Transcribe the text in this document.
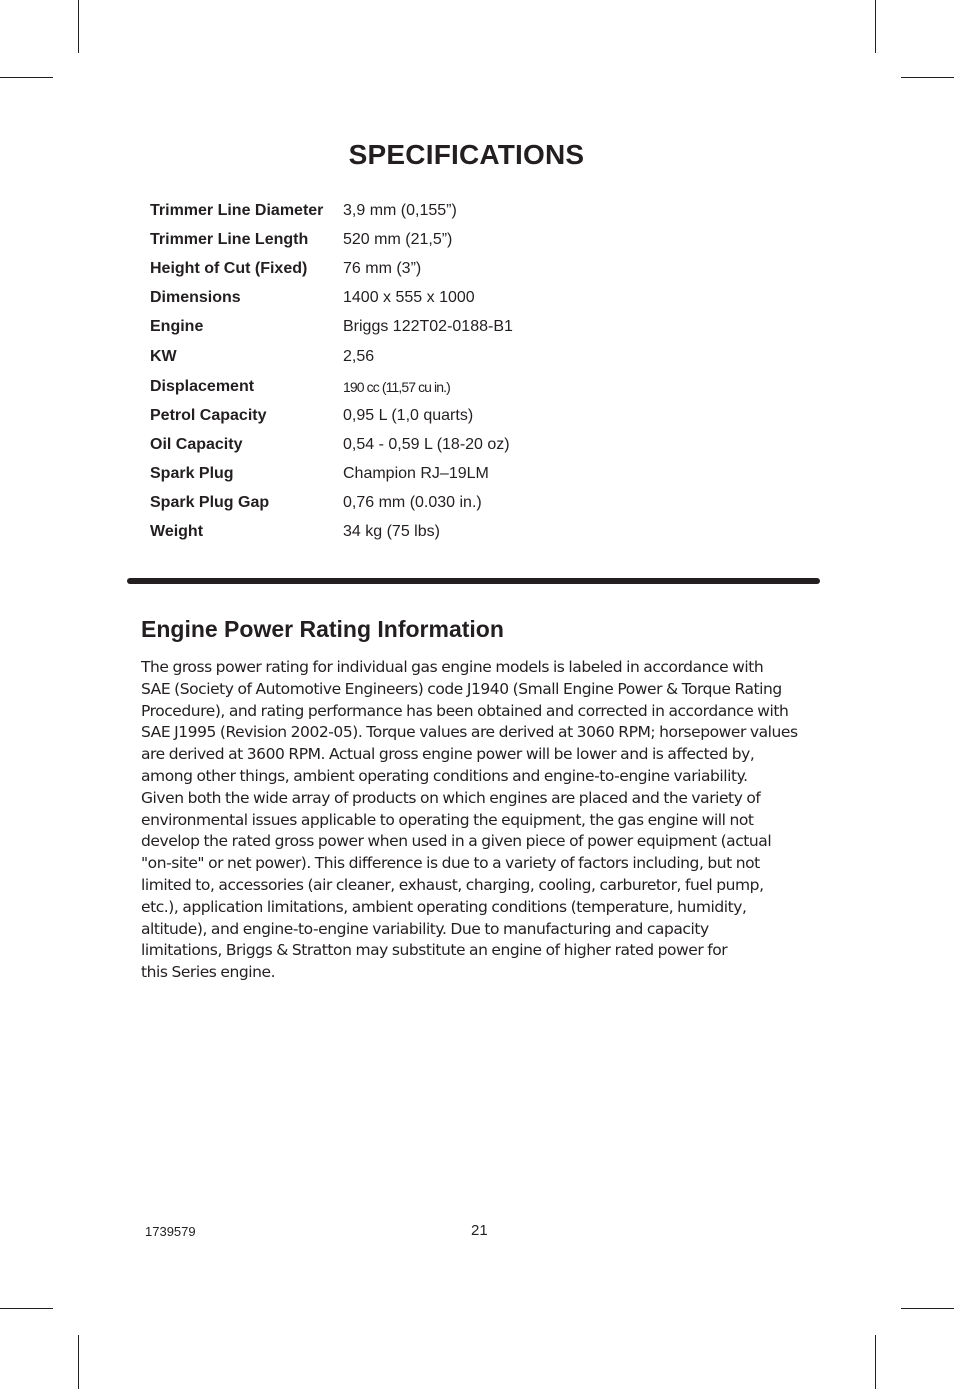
SPECIFICATIONS
Trimmer Line Diameter 3,9 mm (0,155”)
Trimmer Line Length 520 mm (21,5”)
Height of Cut (Fixed) 76 mm (3”)
Dimensions	1400 x 555 x 1000
Engine	Briggs 122T02-0188-B1
KW	2,56
Displacement	190 cc (11,57 cu in.)
Petrol Capacity	0,95 L (1,0 quarts)
Oil Capacity	0,54 - 0,59 L (18-20 oz)
Spark Plug	Champion RJ–19LM
Spark Plug Gap	0,76 mm (0.030 in.)
Weight	34 kg (75 lbs)
Engine Power Rating Information
The gross power rating for individual gas engine models is labeled in accordance with
SAE (Society of Automotive Engineers) code J1940 (Small Engine Power & Torque Rating
Procedure), and rating performance has been obtained and corrected in accordance with
SAE J1995 (Revision 2002-05). Torque values are derived at 3060 RPM; horsepower values
are derived at 3600 RPM. Actual gross engine power will be lower and is affected by,
among other things, ambient operating conditions and engine-to-engine variability.
Given both the wide array of products on which engines are placed and the variety of
environmental issues applicable to operating the equipment, the gas engine will not
develop the rated gross power when used in a given piece of power equipment (actual
"on-site" or net power). This difference is due to a variety of factors including, but not
limited to, accessories (air cleaner, exhaust, charging, cooling, carburetor, fuel pump,
etc.), application limitations, ambient operating conditions (temperature, humidity,
altitude), and engine-to-engine variability. Due to manufacturing and capacity
limitations, Briggs & Stratton may substitute an engine of higher rated power for
this Series engine.
1739579	21
